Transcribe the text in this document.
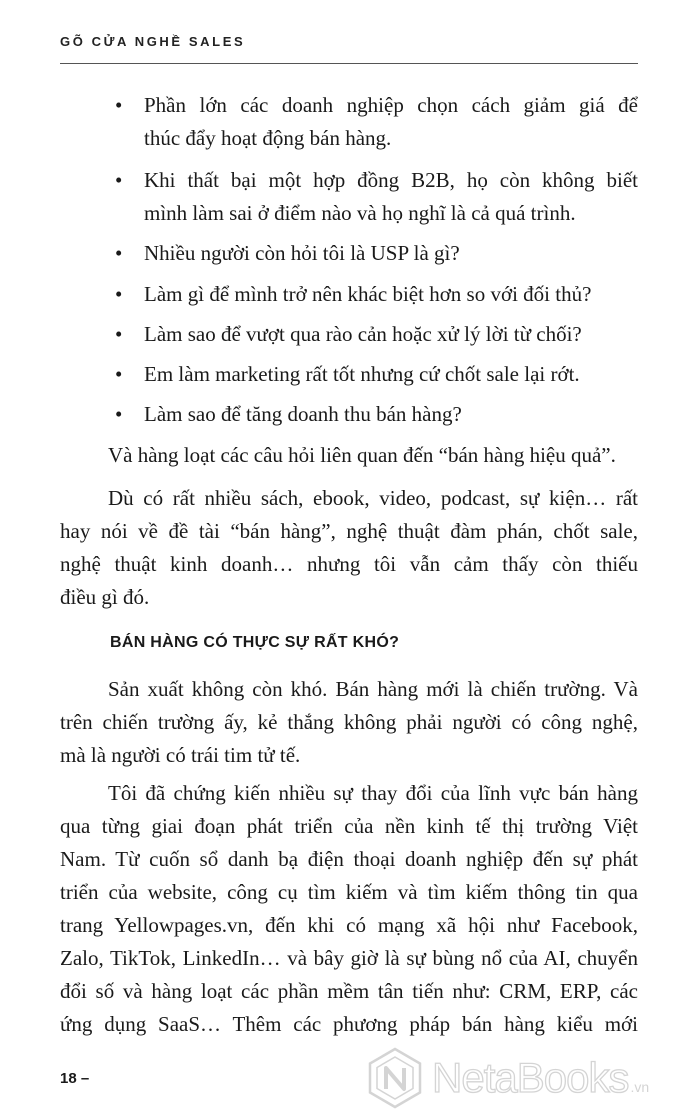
GÕ CỬA NGHỀ SALES
• Phần lớn các doanh nghiệp chọn cách giảm giá để
thúc đẩy hoạt động bán hàng.
• Khi thất bại một hợp đồng B2B, họ còn không biết
mình làm sai ở điểm nào và họ nghĩ là cả quá trình.
• Nhiều người còn hỏi tôi là USP là gì?
• Làm gì để mình trở nên khác biệt hơn so với đối thủ?
• Làm sao để vượt qua rào cản hoặc xử lý lời từ chối?
• Em làm marketing rất tốt nhưng cứ chốt sale lại rớt.
• Làm sao để tăng doanh thu bán hàng?
Và hàng loạt các câu hỏi liên quan đến “bán hàng hiệu quả”.
Dù có rất nhiều sách, ebook, video, podcast, sự kiện… rất
hay nói về đề tài “bán hàng”, nghệ thuật đàm phán, chốt sale,
nghệ thuật kinh doanh… nhưng tôi vẫn cảm thấy còn thiếu
điều gì đó.
BÁN HÀNG CÓ THỰC SỰ RẤT KHÓ?
Sản xuất không còn khó. Bán hàng mới là chiến trường. Và
trên chiến trường ấy, kẻ thắng không phải người có công nghệ,
mà là người có trái tim tử tế.
Tôi đã chứng kiến nhiều sự thay đổi của lĩnh vực bán hàng
qua từng giai đoạn phát triển của nền kinh tế thị trường Việt
Nam. Từ cuốn sổ danh bạ điện thoại doanh nghiệp đến sự phát
triển của website, công cụ tìm kiếm và tìm kiếm thông tin qua
trang Yellowpages.vn, đến khi có mạng xã hội như Facebook,
Zalo, TikTok, LinkedIn… và bây giờ là sự bùng nổ của AI, chuyển
đổi số và hàng loạt các phần mềm tân tiến như: CRM, ERP, các
ứng dụng SaaS… Thêm các phương pháp bán hàng kiểu mới
18 –	NetaBooks .vn
